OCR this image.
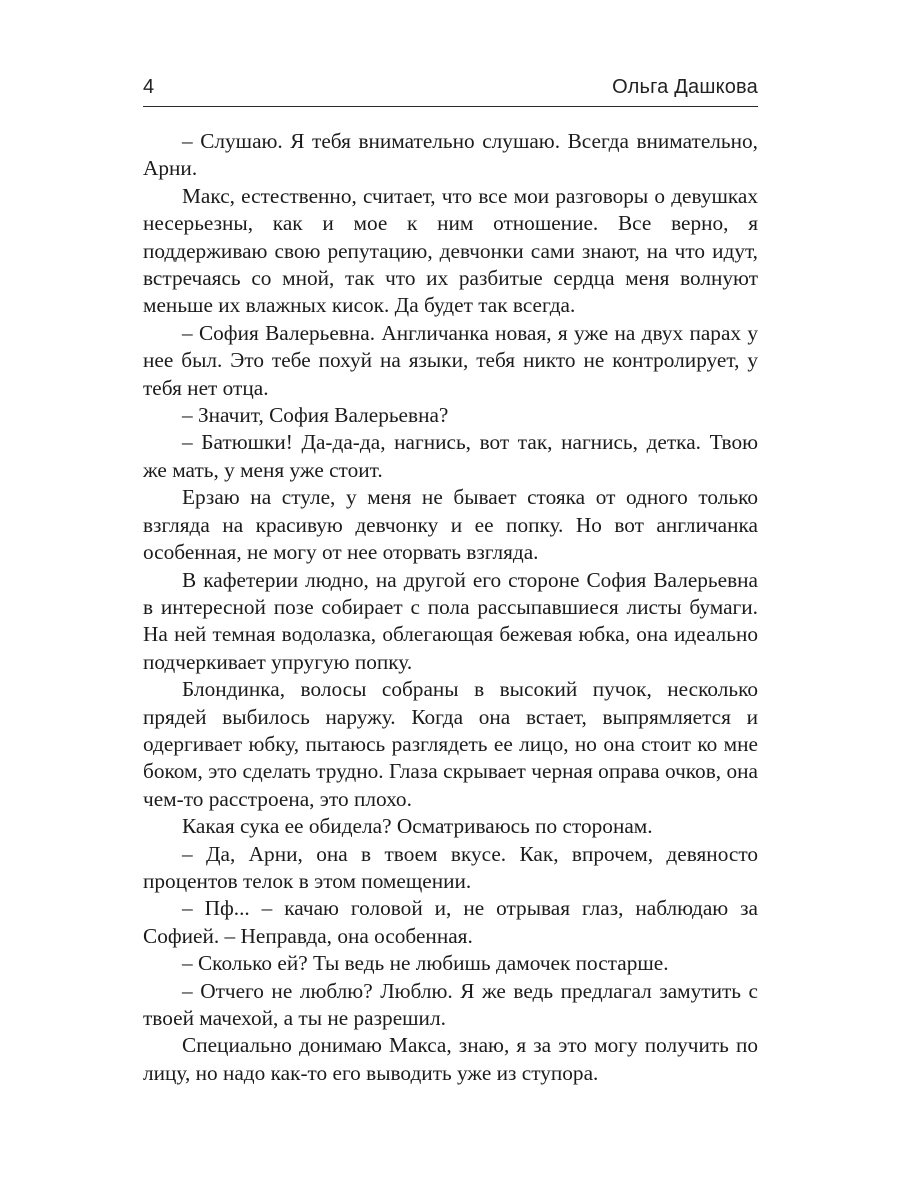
4	Ольга Дашкова

– Слушаю. Я тебя внимательно слушаю. Всегда внимательно, Арни.

Макс, естественно, считает, что все мои разговоры о девушках несерьезны, как и мое к ним отношение. Все верно, я поддерживаю свою репутацию, девчонки сами знают, на что идут, встречаясь со мной, так что их разбитые сердца меня волнуют меньше их влажных кисок. Да будет так всегда.

– София Валерьевна. Англичанка новая, я уже на двух парах у нее был. Это тебе похуй на языки, тебя никто не контролирует, у тебя нет отца.

– Значит, София Валерьевна?

– Батюшки! Да-да-да, нагнись, вот так, нагнись, детка. Твою же мать, у меня уже стоит.

Ерзаю на стуле, у меня не бывает стояка от одного только взгляда на красивую девчонку и ее попку. Но вот англичанка особенная, не могу от нее оторвать взгляда.

В кафетерии людно, на другой его стороне София Валерьевна в интересной позе собирает с пола рассыпавшиеся листы бумаги. На ней темная водолазка, облегающая бежевая юбка, она идеально подчеркивает упругую попку.

Блондинка, волосы собраны в высокий пучок, несколько прядей выбилось наружу. Когда она встает, выпрямляется и одергивает юбку, пытаюсь разглядеть ее лицо, но она стоит ко мне боком, это сделать трудно. Глаза скрывает черная оправа очков, она чем-то расстроена, это плохо.

Какая сука ее обидела? Осматриваюсь по сторонам.

– Да, Арни, она в твоем вкусе. Как, впрочем, девяносто процентов телок в этом помещении.

– Пф... – качаю головой и, не отрывая глаз, наблюдаю за Софией. – Неправда, она особенная.

– Сколько ей? Ты ведь не любишь дамочек постарше.

– Отчего не люблю? Люблю. Я же ведь предлагал замутить с твоей мачехой, а ты не разрешил.

Специально донимаю Макса, знаю, я за это могу получить по лицу, но надо как-то его выводить уже из ступора.
